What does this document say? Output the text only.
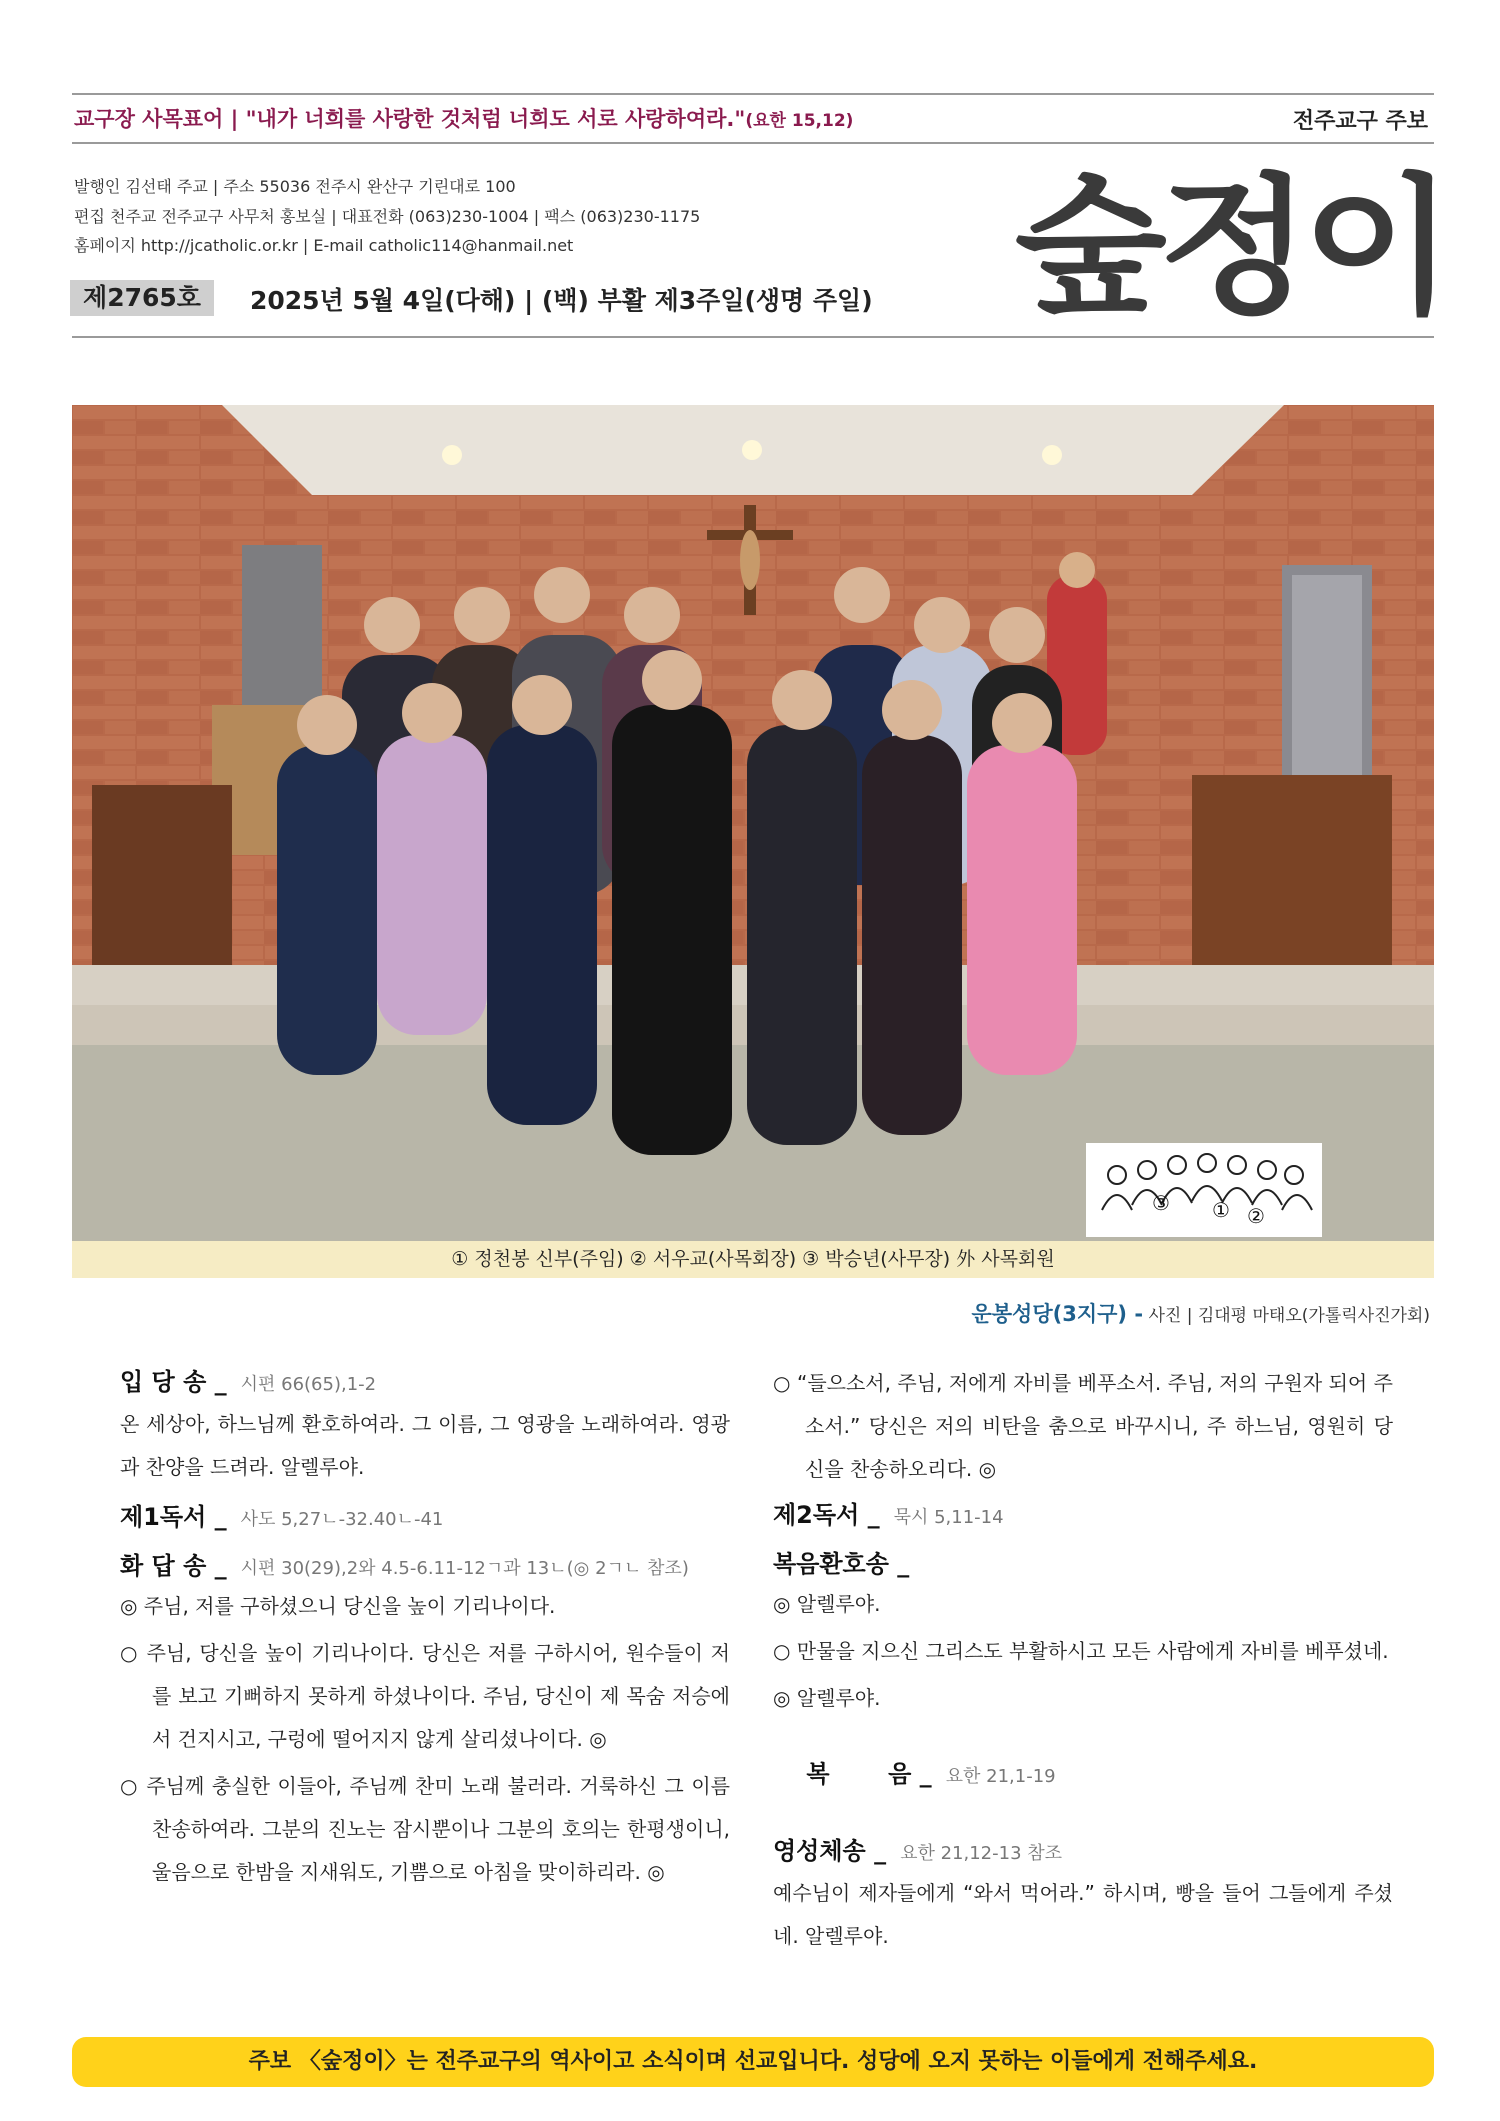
교구장 사목표어 | "내가 너희를 사랑한 것처럼 너희도 서로 사랑하여라."(요한 15,12)	전주교구 주보
발행인 김선태 주교 | 주소 55036 전주시 완산구 기린대로 100
편집 천주교 전주교구 사무처 홍보실 | 대표전화 (063)230-1004 | 팩스 (063)230-1175
홈페이지 http://jcatholic.or.kr | E-mail catholic114@hanmail.net	숲정이
제2765호	2025년 5월 4일(다해) | (백) 부활 제3주일(생명 주일)
③ ① ②
① 정천봉 신부(주임) ② 서우교(사목회장) ③ 박승년(사무장) 外 사목회원
운봉성당(3지구) - 사진 | 김대평 마태오(가톨릭사진가회)
입 당 송 _ 시편 66(65),1-2
온 세상아, 하느님께 환호하여라. 그 이름, 그 영광을 노래하여라. 영광과 찬양을 드려라. 알렐루야.
제1독서 _ 사도 5,27ㄴ-32.40ㄴ-41
화 답 송 _ 시편 30(29),2와 4.5-6.11-12ㄱ과 13ㄴ(◎ 2ㄱㄴ 참조)
◎ 주님, 저를 구하셨으니 당신을 높이 기리나이다.
○ 주님, 당신을 높이 기리나이다. 당신은 저를 구하시어, 원수들이 저를 보고 기뻐하지 못하게 하셨나이다. 주님, 당신이 제 목숨 저승에서 건지시고, 구렁에 떨어지지 않게 살리셨나이다. ◎
○ 주님께 충실한 이들아, 주님께 찬미 노래 불러라. 거룩하신 그 이름 찬송하여라. 그분의 진노는 잠시뿐이나 그분의 호의는 한평생이니, 울음으로 한밤을 지새워도, 기쁨으로 아침을 맞이하리라. ◎
○ “들으소서, 주님, 저에게 자비를 베푸소서. 주님, 저의 구원자 되어 주소서.” 당신은 저의 비탄을 춤으로 바꾸시니, 주 하느님, 영원히 당신을 찬송하오리다. ◎
제2독서 _ 묵시 5,11-14
복음환호송 _
◎ 알렐루야.
○ 만물을 지으신 그리스도 부활하시고 모든 사람에게 자비를 베푸셨네.
◎ 알렐루야.

복       음 _ 요한 21,1-19

영성체송 _ 요한 21,12-13 참조
예수님이 제자들에게 “와서 먹어라.” 하시며, 빵을 들어 그들에게 주셨네. 알렐루야.
주보 〈숲정이〉는 전주교구의 역사이고 소식이며 선교입니다. 성당에 오지 못하는 이들에게 전해주세요.
